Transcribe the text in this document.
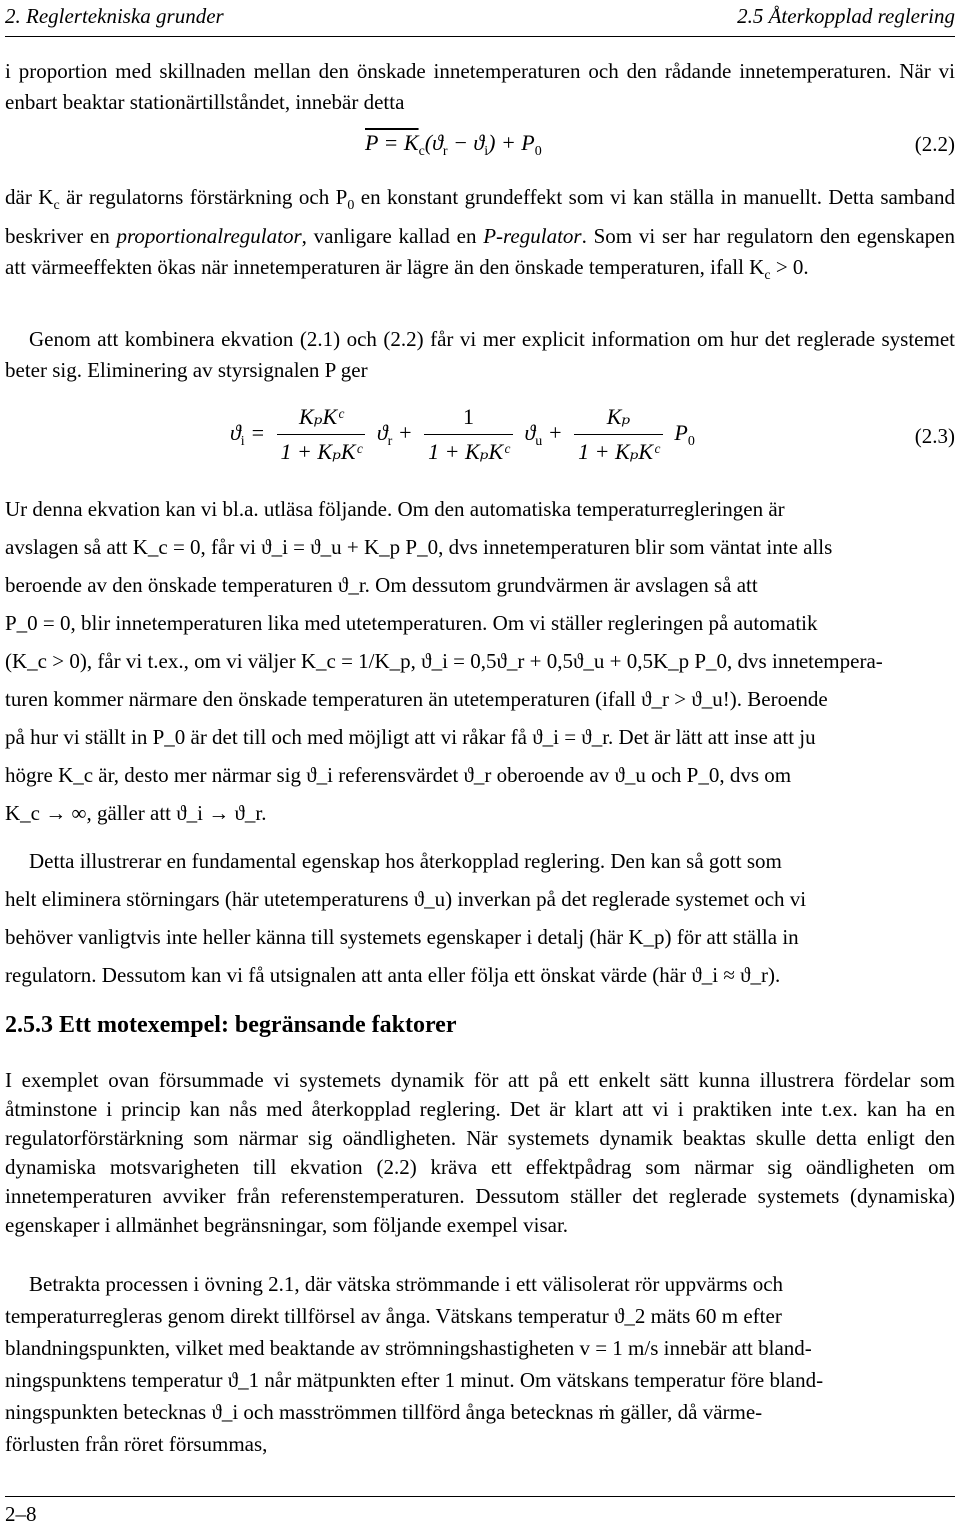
2. Reglertekniska grunder	2.5 Återkopplad reglering

i proportion med skillnaden mellan den önskade innetemperaturen och den rådande innetemperaturen. När vi enbart beaktar stationärtillståndet, innebär detta

$P = K_c(ϑ_r - ϑ_i) + P_0$	(2.2)

där $K_c$ är regulatorns förstärkning och $P_0$ en konstant grundeffekt som vi kan ställa in manuellt. Detta samband beskriver en proportionalregulator, vanligare kallad en P-regulator. Som vi ser har regulatorn den egenskapen att värmeeffekten ökas när innetemperaturen är lägre än den önskade temperaturen, ifall $K_c > 0$.

Genom att kombinera ekvation (2.1) och (2.2) får vi mer explicit information om hur det reglerade systemet beter sig. Eliminering av styrsignalen P ger

$ϑ_i = \frac{\text{KₚKᶜ}}{\text{1 + KₚKᶜ}} ϑ_r + \frac{1}{\text{1 + KₚKᶜ}} ϑ_u + \frac{\text{Kₚ}}{\text{1 + KₚKᶜ}} P_0$	(2.3)

Ur denna ekvation kan vi bl.a. utläsa följande. Om den automatiska temperaturregleringen är
avslagen så att K_c = 0, får vi ϑ_i = ϑ_u + K_p P_0, dvs innetemperaturen blir som väntat inte alls
beroende av den önskade temperaturen ϑ_r. Om dessutom grundvärmen är avslagen så att
P_0 = 0, blir innetemperaturen lika med utetemperaturen. Om vi ställer regleringen på automatik
(K_c > 0), får vi t.ex., om vi väljer K_c = 1/K_p, ϑ_i = 0,5ϑ_r + 0,5ϑ_u + 0,5K_p P_0, dvs innetempera-
turen kommer närmare den önskade temperaturen än utetemperaturen (ifall ϑ_r > ϑ_u!). Beroende
på hur vi ställt in P_0 är det till och med möjligt att vi råkar få ϑ_i = ϑ_r. Det är lätt att inse att ju
högre K_c är, desto mer närmar sig ϑ_i referensvärdet ϑ_r oberoende av ϑ_u och P_0, dvs om
K_c → ∞, gäller att ϑ_i → ϑ_r.

Detta illustrerar en fundamental egenskap hos återkopplad reglering. Den kan så gott som
helt eliminera störningars (här utetemperaturens ϑ_u) inverkan på det reglerade systemet och vi
behöver vanligtvis inte heller känna till systemets egenskaper i detalj (här K_p) för att ställa in
regulatorn. Dessutom kan vi få utsignalen att anta eller följa ett önskat värde (här ϑ_i ≈ ϑ_r).

2.5.3 Ett motexempel: begränsande faktorer

I exemplet ovan försummade vi systemets dynamik för att på ett enkelt sätt kunna illustrera fördelar som åtminstone i princip kan nås med återkopplad reglering. Det är klart att vi i praktiken inte t.ex. kan ha en regulatorförstärkning som närmar sig oändligheten. När systemets dynamik beaktas skulle detta enligt den dynamiska motsvarigheten till ekvation (2.2) kräva ett effektpådrag som närmar sig oändligheten om innetemperaturen avviker från referenstemperaturen. Dessutom ställer det reglerade systemets (dynamiska) egenskaper i allmänhet begränsningar, som följande exempel visar.

Betrakta processen i övning 2.1, där vätska strömmande i ett välisolerat rör uppvärms och
temperaturregleras genom direkt tillförsel av ånga. Vätskans temperatur ϑ_2 mäts 60 m efter
blandningspunkten, vilket med beaktande av strömningshastigheten v = 1 m/s innebär att bland-
ningspunktens temperatur ϑ_1 når mätpunkten efter 1 minut. Om vätskans temperatur före bland-
ningspunkten betecknas ϑ_i och masströmmen tillförd ånga betecknas ṁ gäller, då värme-
förlusten från röret försummas,

2–8
